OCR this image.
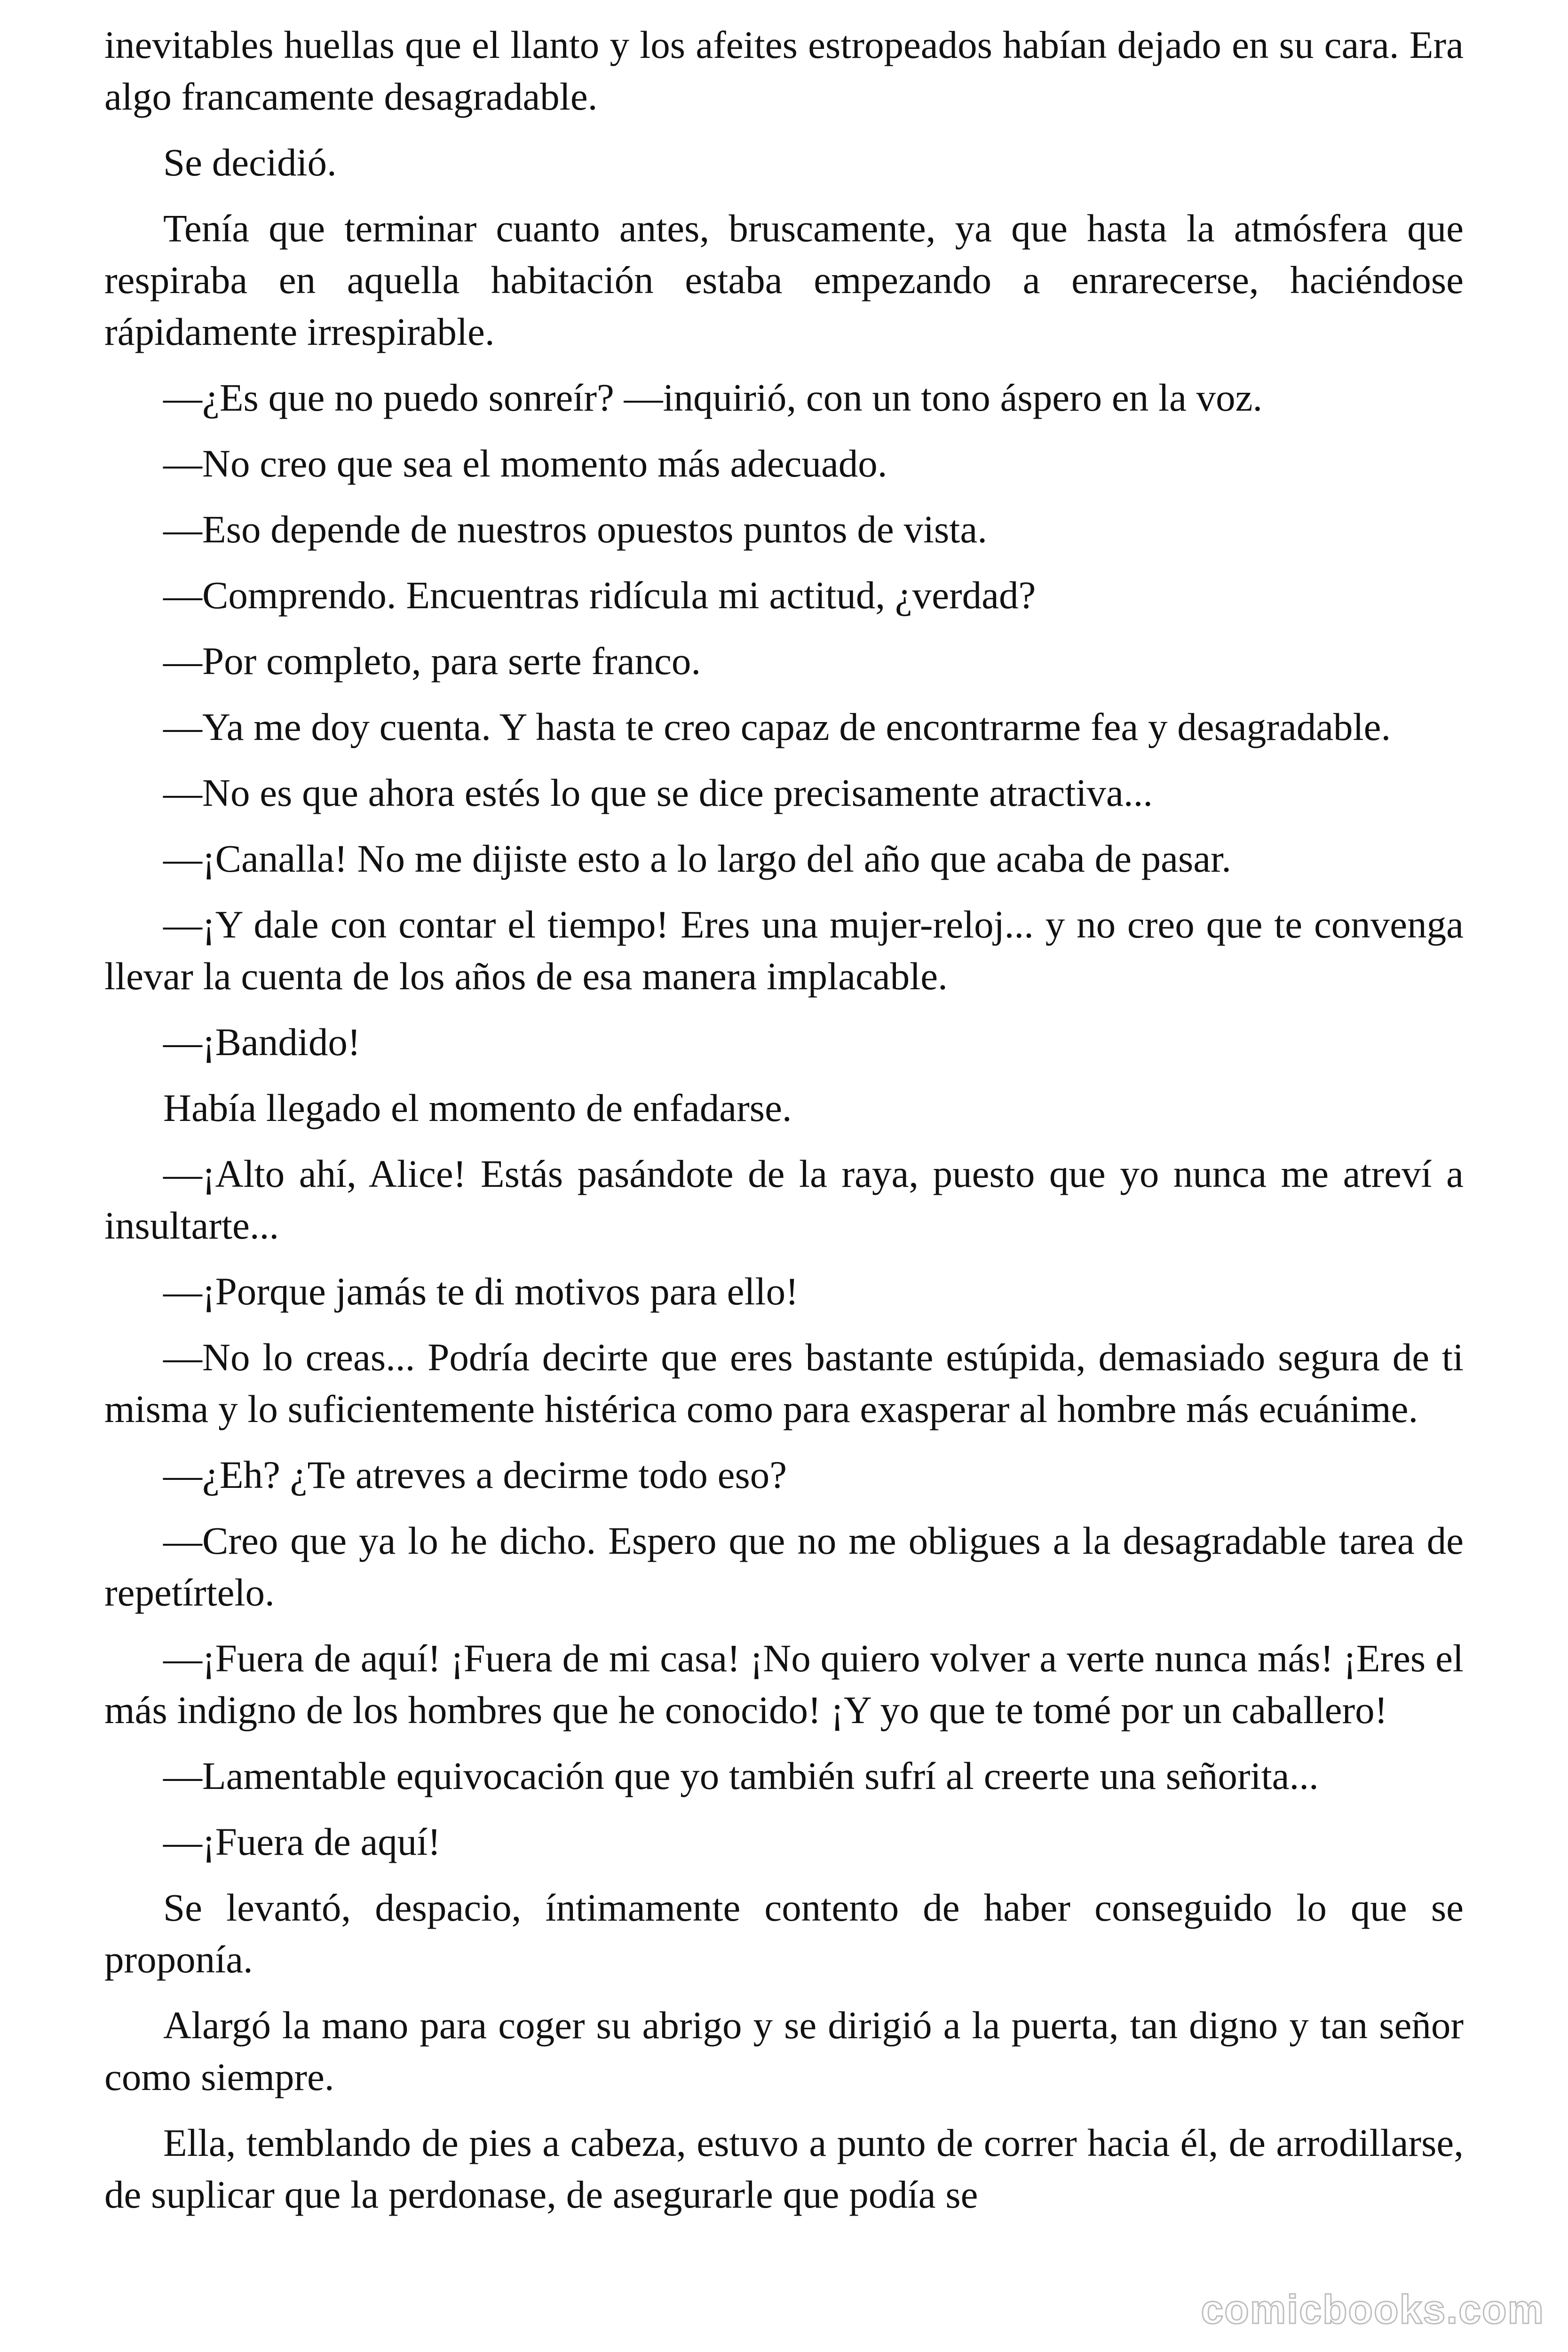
inevitables huellas que el llanto y los afeites estropeados habían dejado en su cara. Era algo francamente desagradable.

Se decidió.

Tenía que terminar cuanto antes, bruscamente, ya que hasta la atmósfera que respiraba en aquella habitación estaba empezando a enrarecerse, haciéndose rápidamente irrespirable.

—¿Es que no puedo sonreír? —inquirió, con un tono áspero en la voz.

—No creo que sea el momento más adecuado.

—Eso depende de nuestros opuestos puntos de vista.

—Comprendo. Encuentras ridícula mi actitud, ¿verdad?

—Por completo, para serte franco.

—Ya me doy cuenta. Y hasta te creo capaz de encontrarme fea y desagradable.

—No es que ahora estés lo que se dice precisamente atractiva...

—¡Canalla! No me dijiste esto a lo largo del año que acaba de pasar.

—¡Y dale con contar el tiempo! Eres una mujer-reloj... y no creo que te convenga llevar la cuenta de los años de esa manera implacable.

—¡Bandido!

Había llegado el momento de enfadarse.

—¡Alto ahí, Alice! Estás pasándote de la raya, puesto que yo nunca me atreví a insultarte...

—¡Porque jamás te di motivos para ello!

—No lo creas... Podría decirte que eres bastante estúpida, demasiado segura de ti misma y lo suficientemente histérica como para exasperar al hombre más ecuánime.

—¿Eh? ¿Te atreves a decirme todo eso?

—Creo que ya lo he dicho. Espero que no me obligues a la desagradable tarea de repetírtelo.

—¡Fuera de aquí! ¡Fuera de mi casa! ¡No quiero volver a verte nunca más! ¡Eres el más indigno de los hombres que he conocido! ¡Y yo que te tomé por un caballero!

—Lamentable equivocación que yo también sufrí al creerte una señorita...

—¡Fuera de aquí!

Se levantó, despacio, íntimamente contento de haber conseguido lo que se proponía.

Alargó la mano para coger su abrigo y se dirigió a la puerta, tan digno y tan señor como siempre.

Ella, temblando de pies a cabeza, estuvo a punto de correr hacia él, de arrodillarse, de suplicar que la perdonase, de asegurarle que podía se

comicbooks.com
